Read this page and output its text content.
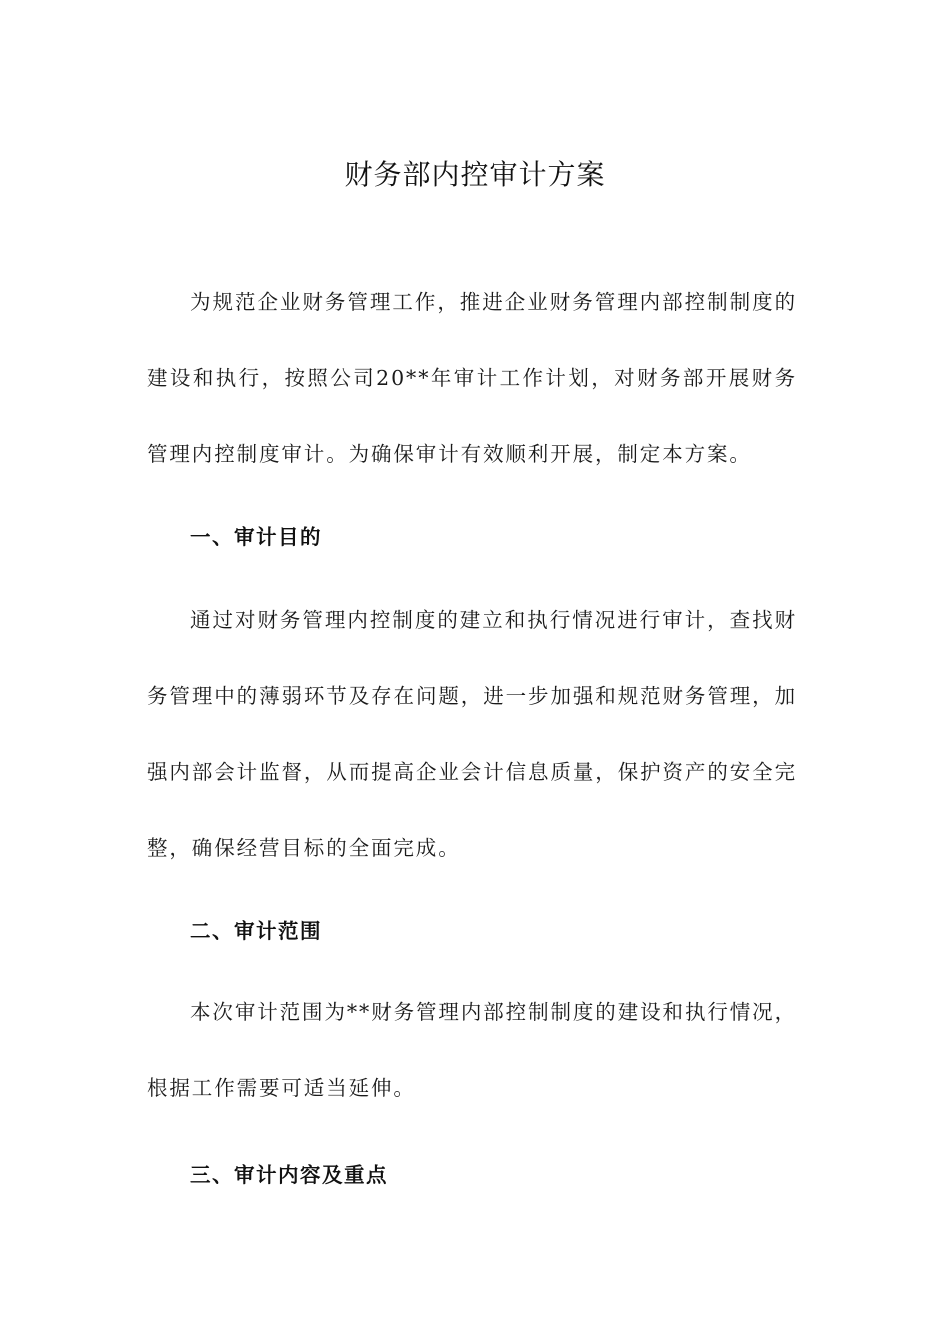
财务部内控审计方案

为规范企业财务管理工作，推进企业财务管理内部控制制度的建设和执行，按照公司20**年审计工作计划，对财务部开展财务管理内控制度审计。为确保审计有效顺利开展，制定本方案。

一、审计目的

通过对财务管理内控制度的建立和执行情况进行审计，查找财务管理中的薄弱环节及存在问题，进一步加强和规范财务管理，加强内部会计监督，从而提高企业会计信息质量，保护资产的安全完整，确保经营目标的全面完成。

二、审计范围

本次审计范围为**财务管理内部控制制度的建设和执行情况，根据工作需要可适当延伸。

三、审计内容及重点
